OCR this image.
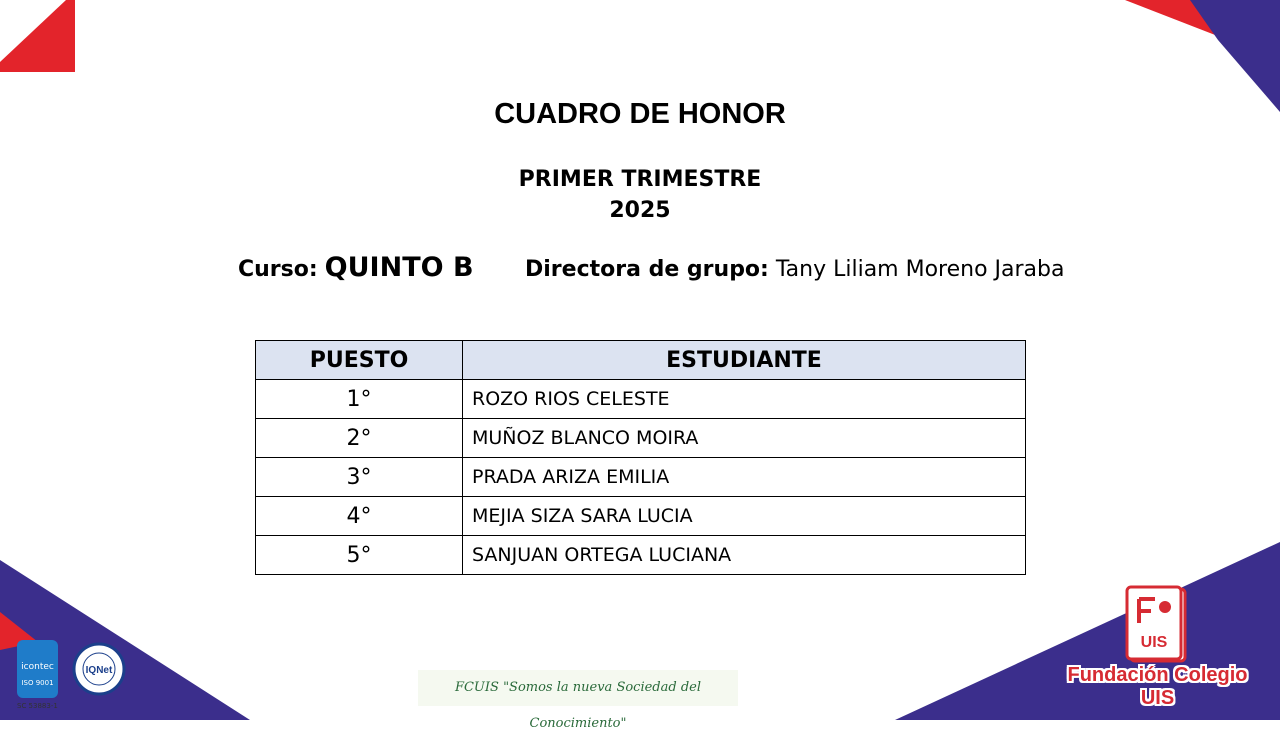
CUADRO DE HONOR
PRIMER TRIMESTRE
2025
Curso: QUINTO B Directora de grupo: Tany Liliam Moreno Jaraba
PUESTO	ESTUDIANTE
1°	ROZO RIOS CELESTE
2°	MUÑOZ BLANCO MOIRA
3°	PRADA ARIZA EMILIA
4°	MEJIA SIZA SARA LUCIA
5°	SANJUAN ORTEGA LUCIANA
icontec
ISO 9001
IQNet
SC 53883-1
FCUIS "Somos la nueva Sociedad del Conocimiento"
UIS
Fundación Colegio UIS
